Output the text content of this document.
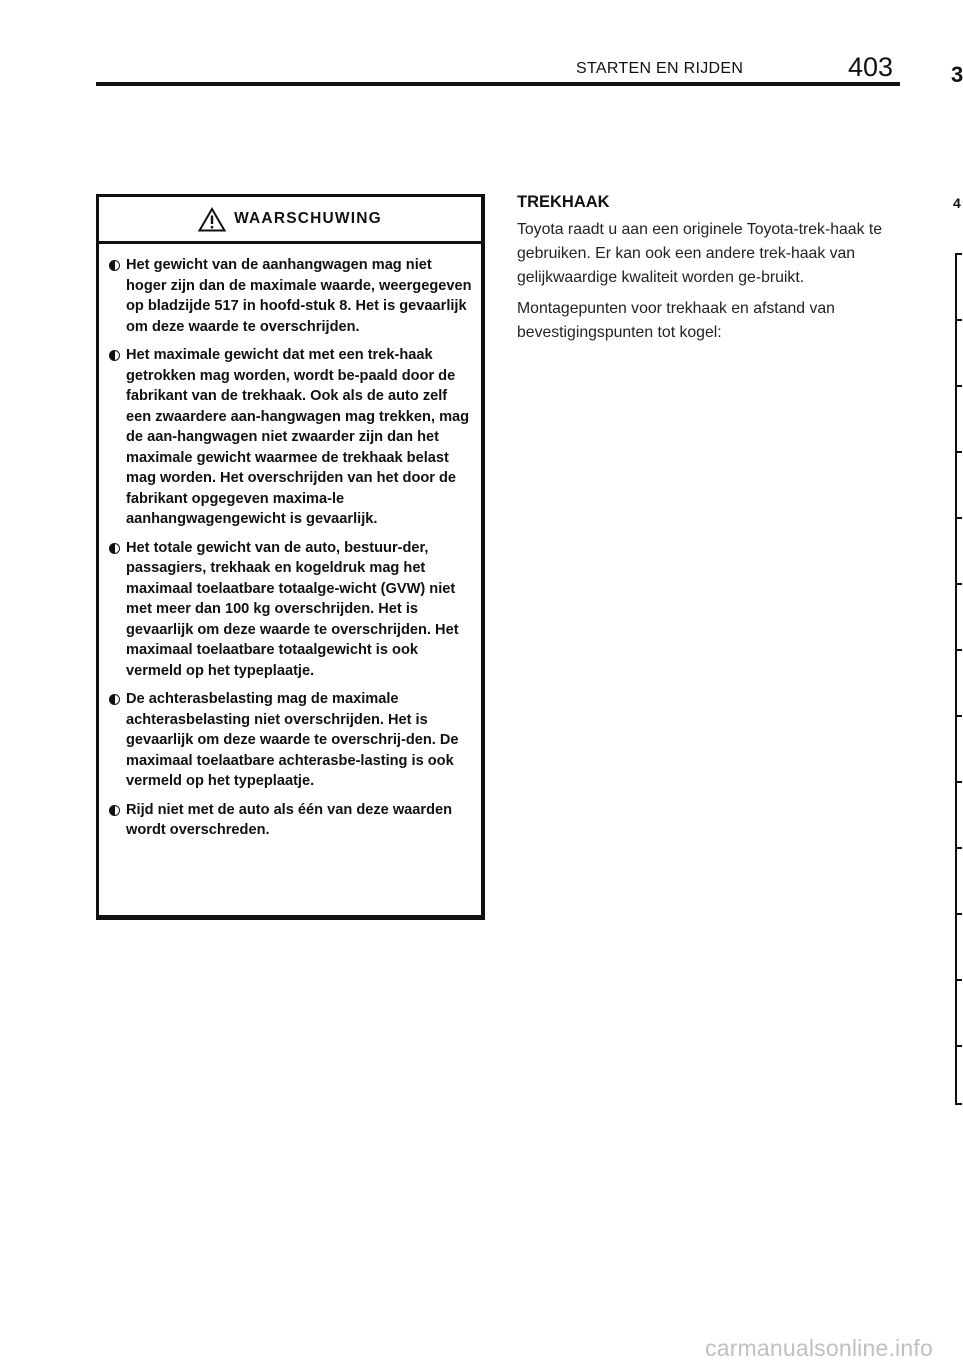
STARTEN EN RIJDEN	403	3
4
WAARSCHUWING
Het gewicht van de aanhangwagen mag niet hoger zijn dan de maximale waarde, weergegeven op bladzijde 517 in hoofd-stuk 8. Het is gevaarlijk om deze waarde te overschrijden.
Het maximale gewicht dat met een trek-haak getrokken mag worden, wordt be-paald door de fabrikant van de trekhaak. Ook als de auto zelf een zwaardere aan-hangwagen mag trekken, mag de aan-hangwagen niet zwaarder zijn dan het maximale gewicht waarmee de trekhaak belast mag worden. Het overschrijden van het door de fabrikant opgegeven maxima-le aanhangwagengewicht is gevaarlijk.
Het totale gewicht van de auto, bestuur-der, passagiers, trekhaak en kogeldruk mag het maximaal toelaatbare totaalge-wicht (GVW) niet met meer dan 100 kg overschrijden. Het is gevaarlijk om deze waarde te overschrijden. Het maximaal toelaatbare totaalgewicht is ook vermeld op het typeplaatje.
De achterasbelasting mag de maximale achterasbelasting niet overschrijden. Het is gevaarlijk om deze waarde te overschrij-den. De maximaal toelaatbare achterasbe-lasting is ook vermeld op het typeplaatje.
Rijd niet met de auto als één van deze waarden wordt overschreden.
TREKHAAK

Toyota raadt u aan een originele Toyota-trek-haak te gebruiken. Er kan ook een andere trek-haak van gelijkwaardige kwaliteit worden ge-bruikt.

Montagepunten voor trekhaak en afstand van bevestigingspunten tot kogel:

carmanualsonline.info
